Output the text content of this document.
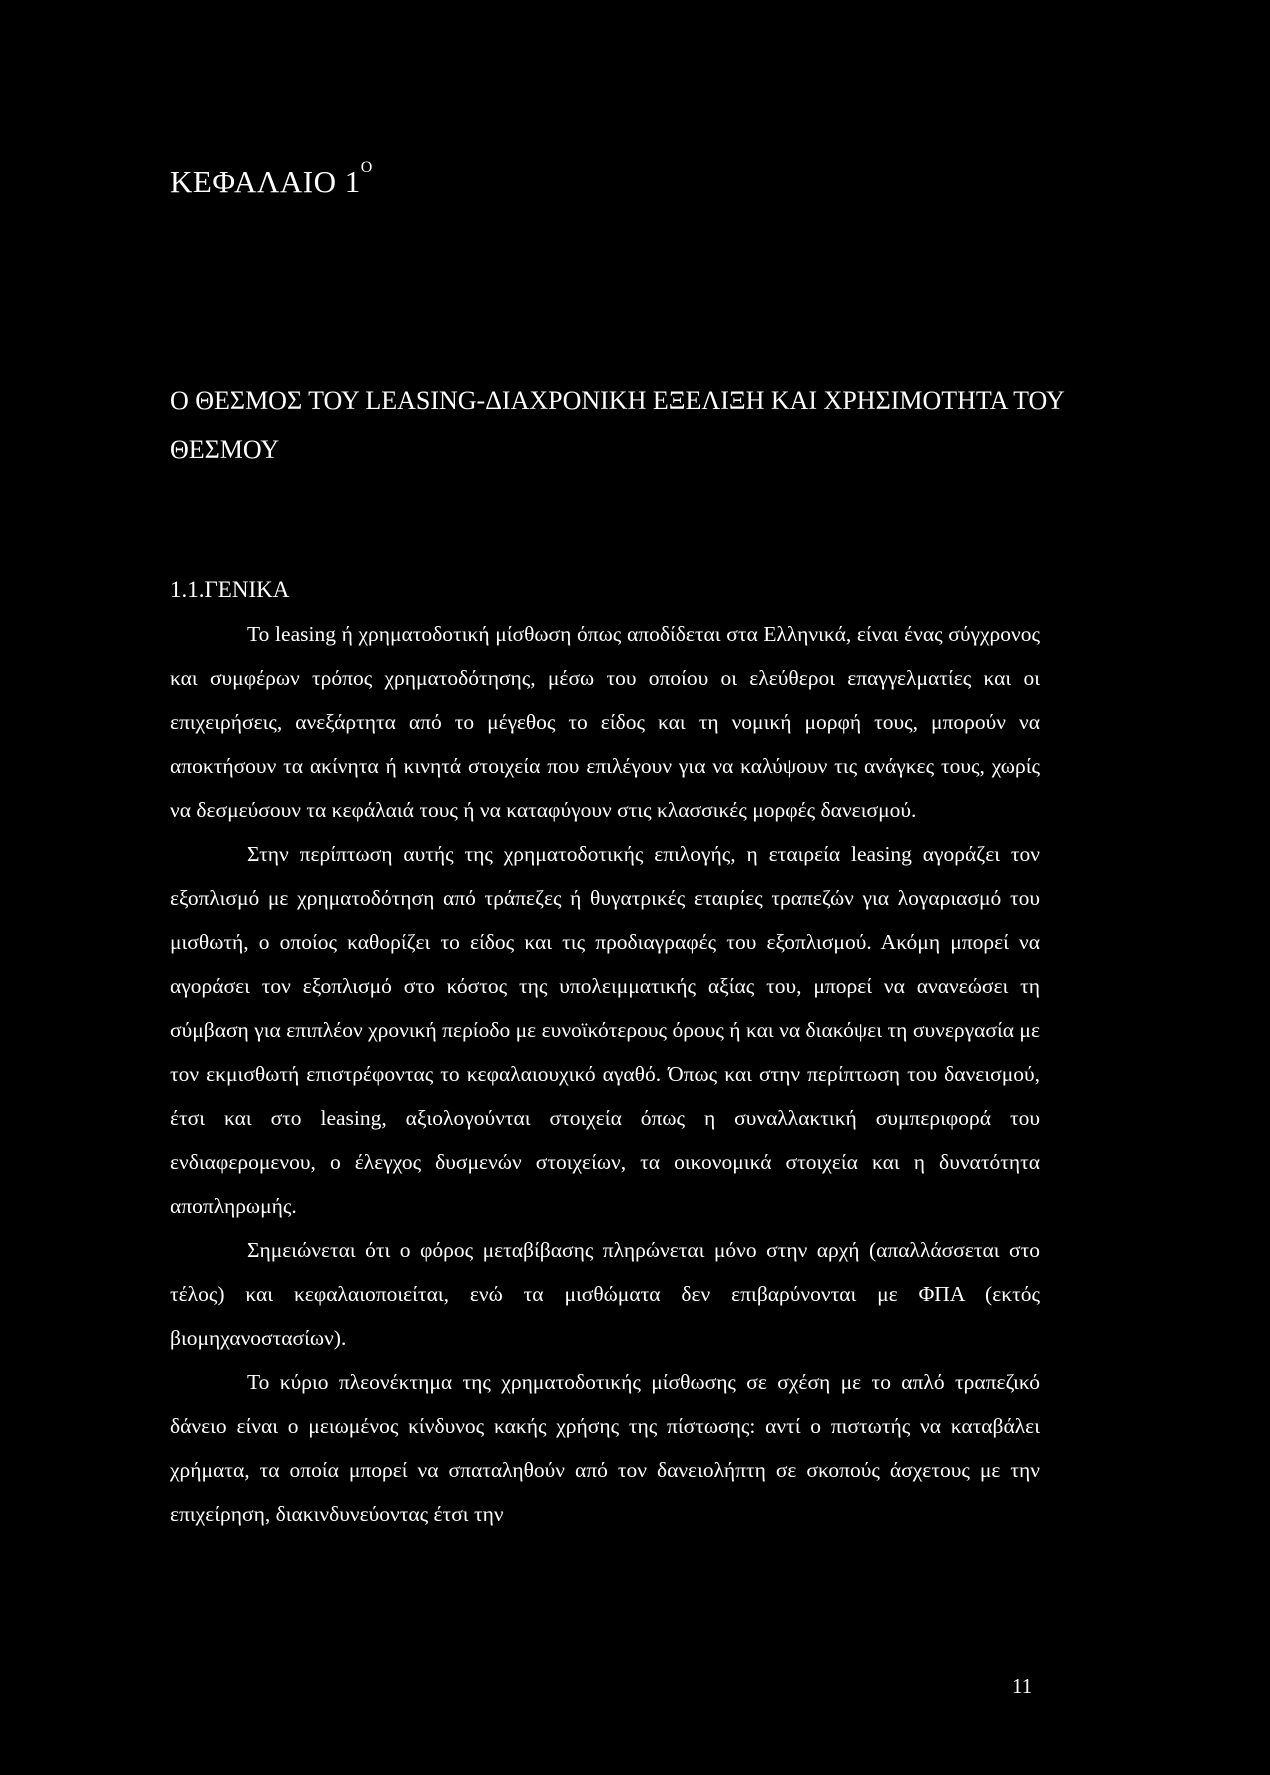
ΚΕΦΑΛΑΙΟ $1^O$
Ο ΘΕΣΜΟΣ ΤΟΥ LEASING-ΔΙΑΧΡΟΝΙΚΗ ΕΞΕΛΙΞΗ ΚΑΙ ΧΡΗΣΙΜΟΤΗΤΑ ΤΟΥ ΘΕΣΜΟΥ
1.1.ΓΕΝΙΚΑ

Το leasing ή χρηματοδοτική μίσθωση όπως αποδίδεται στα Ελληνικά, είναι ένας σύγχρονος και συμφέρων τρόπος χρηματοδότησης, μέσω του οποίου οι ελεύθεροι επαγγελματίες και οι επιχειρήσεις, ανεξάρτητα από το μέγεθος το είδος και τη νομική μορφή τους, μπορούν να αποκτήσουν τα ακίνητα ή κινητά στοιχεία που επιλέγουν για να καλύψουν τις ανάγκες τους, χωρίς να δεσμεύσουν τα κεφάλαιά τους ή να καταφύγουν στις κλασσικές μορφές δανεισμού.

Στην περίπτωση αυτής της χρηματοδοτικής επιλογής, η εταιρεία leasing αγοράζει τον εξοπλισμό με χρηματοδότηση από τράπεζες ή θυγατρικές εταιρίες τραπεζών για λογαριασμό του μισθωτή, ο οποίος καθορίζει το είδος και τις προδιαγραφές του εξοπλισμού. Ακόμη μπορεί να αγοράσει τον εξοπλισμό στο κόστος της υπολειμματικής αξίας του, μπορεί να ανανεώσει τη σύμβαση για επιπλέον χρονική περίοδο με ευνοϊκότερους όρους ή και να διακόψει τη συνεργασία με τον εκμισθωτή επιστρέφοντας το κεφαλαιουχικό αγαθό. Όπως και στην περίπτωση του δανεισμού, έτσι και στο leasing, αξιολογούνται στοιχεία όπως η συναλλακτική συμπεριφορά του ενδιαφερομενου, ο έλεγχος δυσμενών στοιχείων, τα οικονομικά στοιχεία και η δυνατότητα αποπληρωμής.

Σημειώνεται ότι ο φόρος μεταβίβασης πληρώνεται μόνο στην αρχή (απαλλάσσεται στο τέλος) και κεφαλαιοποιείται, ενώ τα μισθώματα δεν επιβαρύνονται με ΦΠΑ (εκτός βιομηχανοστασίων).

Το κύριο πλεονέκτημα της χρηματοδοτικής μίσθωσης σε σχέση με το απλό τραπεζικό δάνειο είναι ο μειωμένος κίνδυνος κακής χρήσης της πίστωσης: αντί ο πιστωτής να καταβάλει χρήματα, τα οποία μπορεί να σπαταληθούν από τον δανειολήπτη σε σκοπούς άσχετους με την επιχείρηση, διακινδυνεύοντας έτσι την

11
